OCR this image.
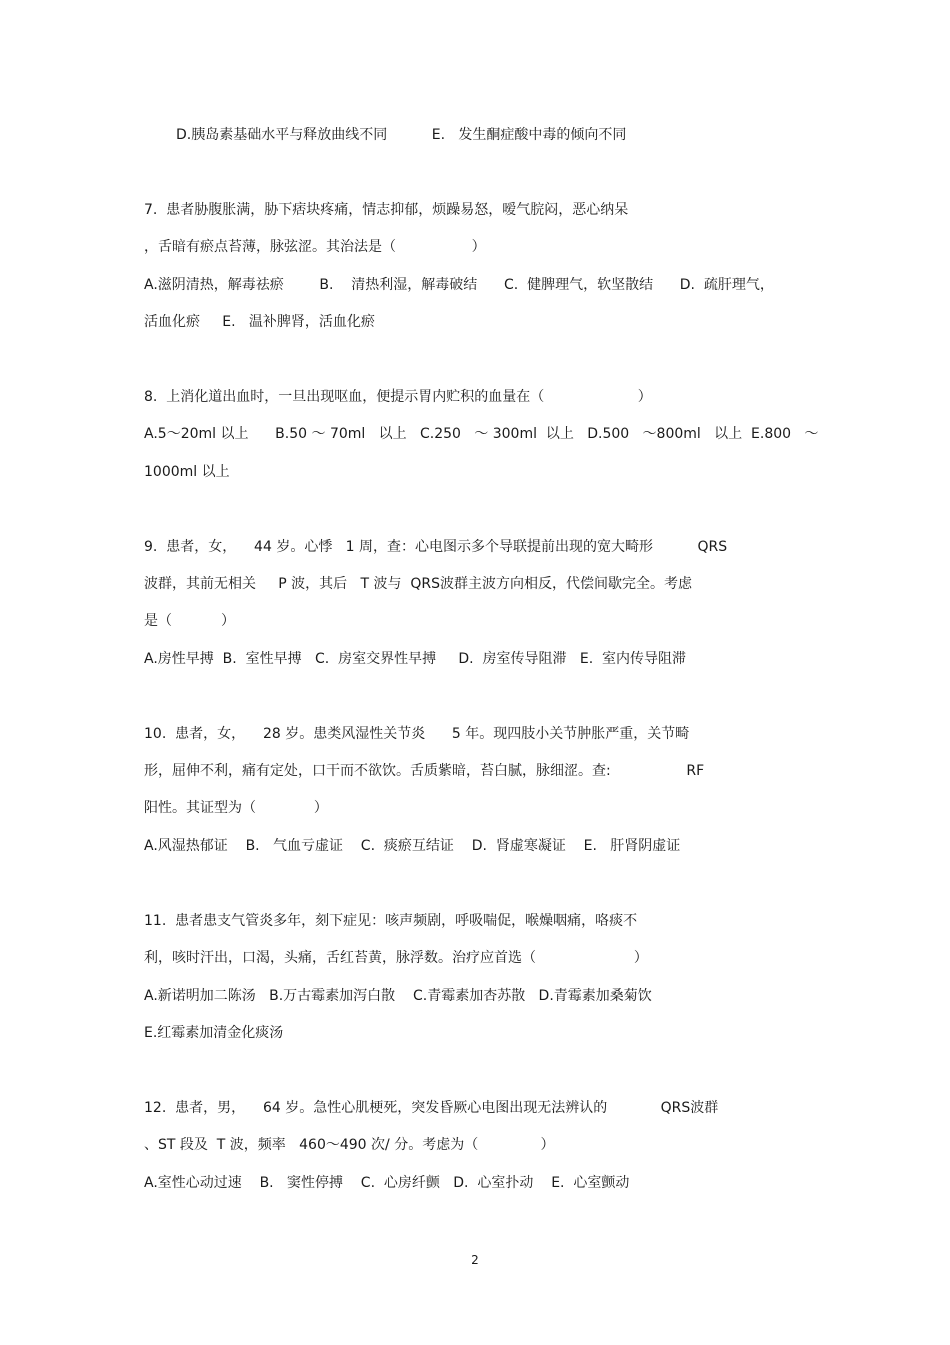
D.胰岛素基础水平与释放曲线不同          E.   发生酮症酸中毒的倾向不同
7.  患者胁腹胀满，胁下痞块疼痛，情志抑郁，烦躁易怒，嗳气脘闷，恶心纳呆
，舌暗有瘀点苔薄，脉弦涩。其治法是（                 ）
A.滋阴清热，解毒祛瘀        B.    清热利湿，解毒破结      C.  健脾理气，软坚散结      D.  疏肝理气，
活血化瘀     E.   温补脾肾，活血化瘀
8.  上消化道出血时，一旦出现呕血，便提示胃内贮积的血量在（                     ）
A.5～20ml 以上      B.50 ～ 70ml   以上   C.250   ～ 300ml  以上   D.500   ～800ml   以上  E.800   ～
1000ml 以上
9.  患者，女，    44 岁。心悸   1 周，查：心电图示多个导联提前出现的宽大畸形          QRS
波群，其前无相关     P 波，其后   T 波与  QRS波群主波方向相反，代偿间歇完全。考虑
是（           ）
A.房性早搏  B.  室性早搏   C.  房室交界性早搏     D.  房室传导阻滞   E.  室内传导阻滞
10.  患者，女，    28 岁。患类风湿性关节炎      5 年。现四肢小关节肿胀严重，关节畸
形，屈伸不利，痛有定处，口干而不欲饮。舌质紫暗，苔白腻，脉细涩。查:                 RF
阳性。其证型为（             ）
A.风湿热郁证    B.   气血亏虚证    C.  痰瘀互结证    D.  肾虚寒凝证    E.   肝肾阴虚证
11.  患者患支气管炎多年，刻下症见：咳声频剧，呼吸喘促，喉燥咽痛，咯痰不
利，咳时汗出，口渴，头痛，舌红苔黄，脉浮数。治疗应首选（                      ）
A.新诺明加二陈汤   B.万古霉素加泻白散    C.青霉素加杏苏散   D.青霉素加桑菊饮
E.红霉素加清金化痰汤
12.  患者，男，    64 岁。急性心肌梗死，突发昏厥心电图出现无法辨认的            QRS波群
、ST 段及  T 波，频率   460～490 次/ 分。考虑为（              ）
A.室性心动过速    B.   窦性停搏    C.  心房纤颤   D.  心室扑动    E.  心室颤动
2
